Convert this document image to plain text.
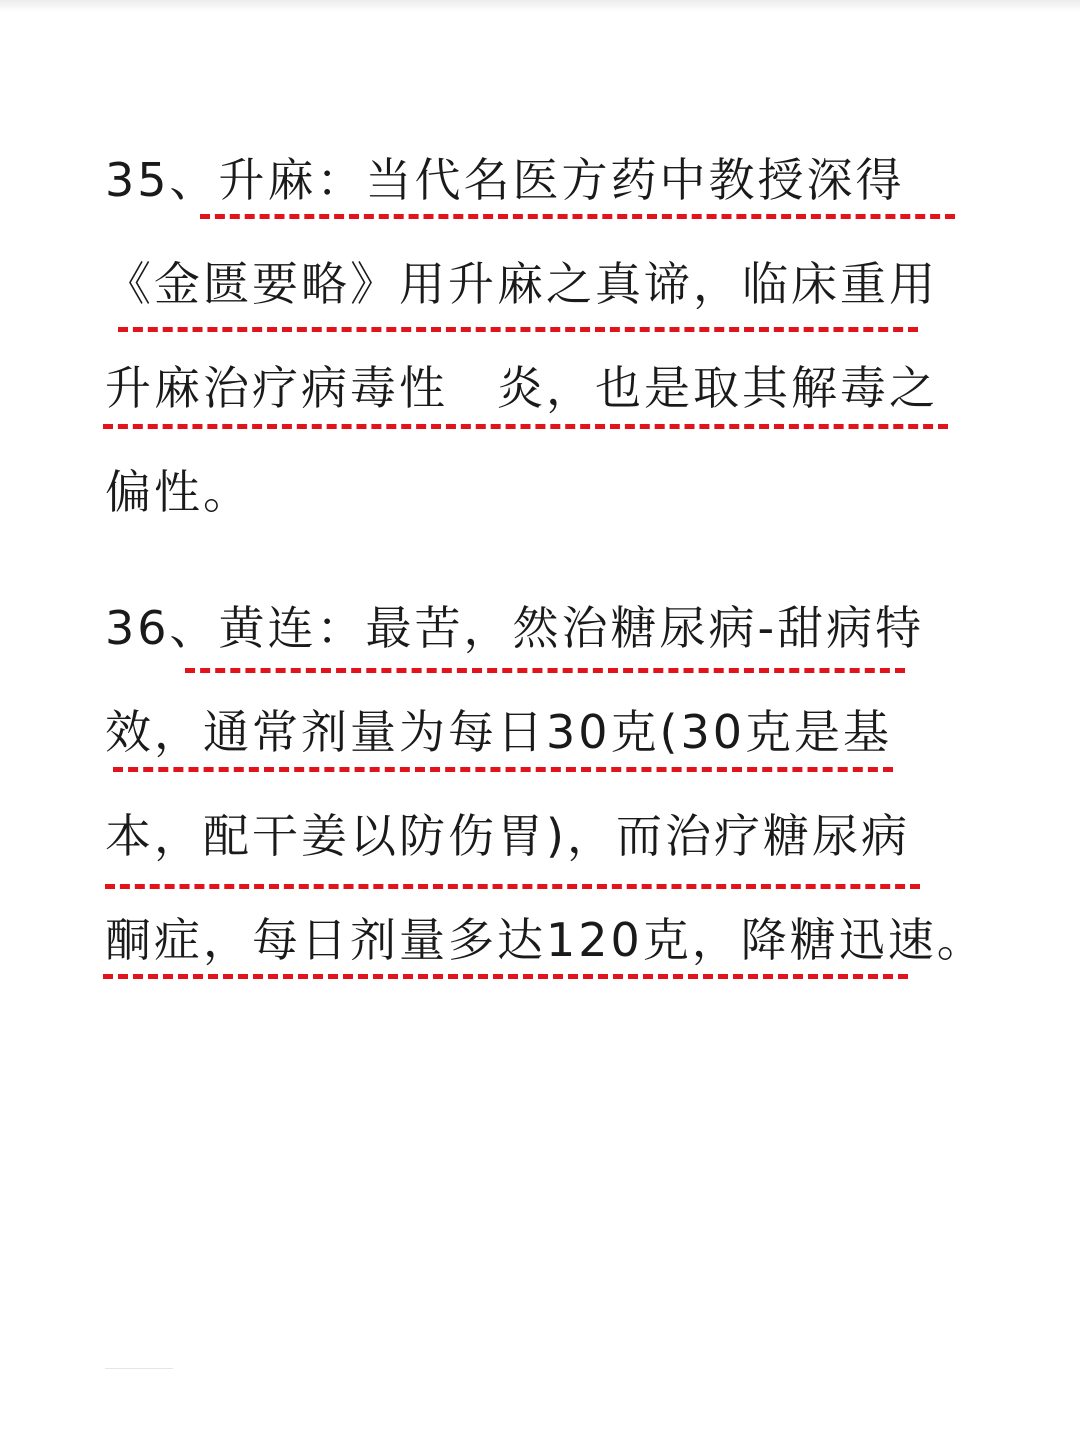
35、升麻：当代名医方药中教授深得
《金匮要略》用升麻之真谛，临床重用
升麻治疗病毒性　炎，也是取其解毒之
偏性。
36、黄连：最苦，然治糖尿病-甜病特
效，通常剂量为每日30克(30克是基
本，配干姜以防伤胃)，而治疗糖尿病
酮症，每日剂量多达120克，降糖迅速。
